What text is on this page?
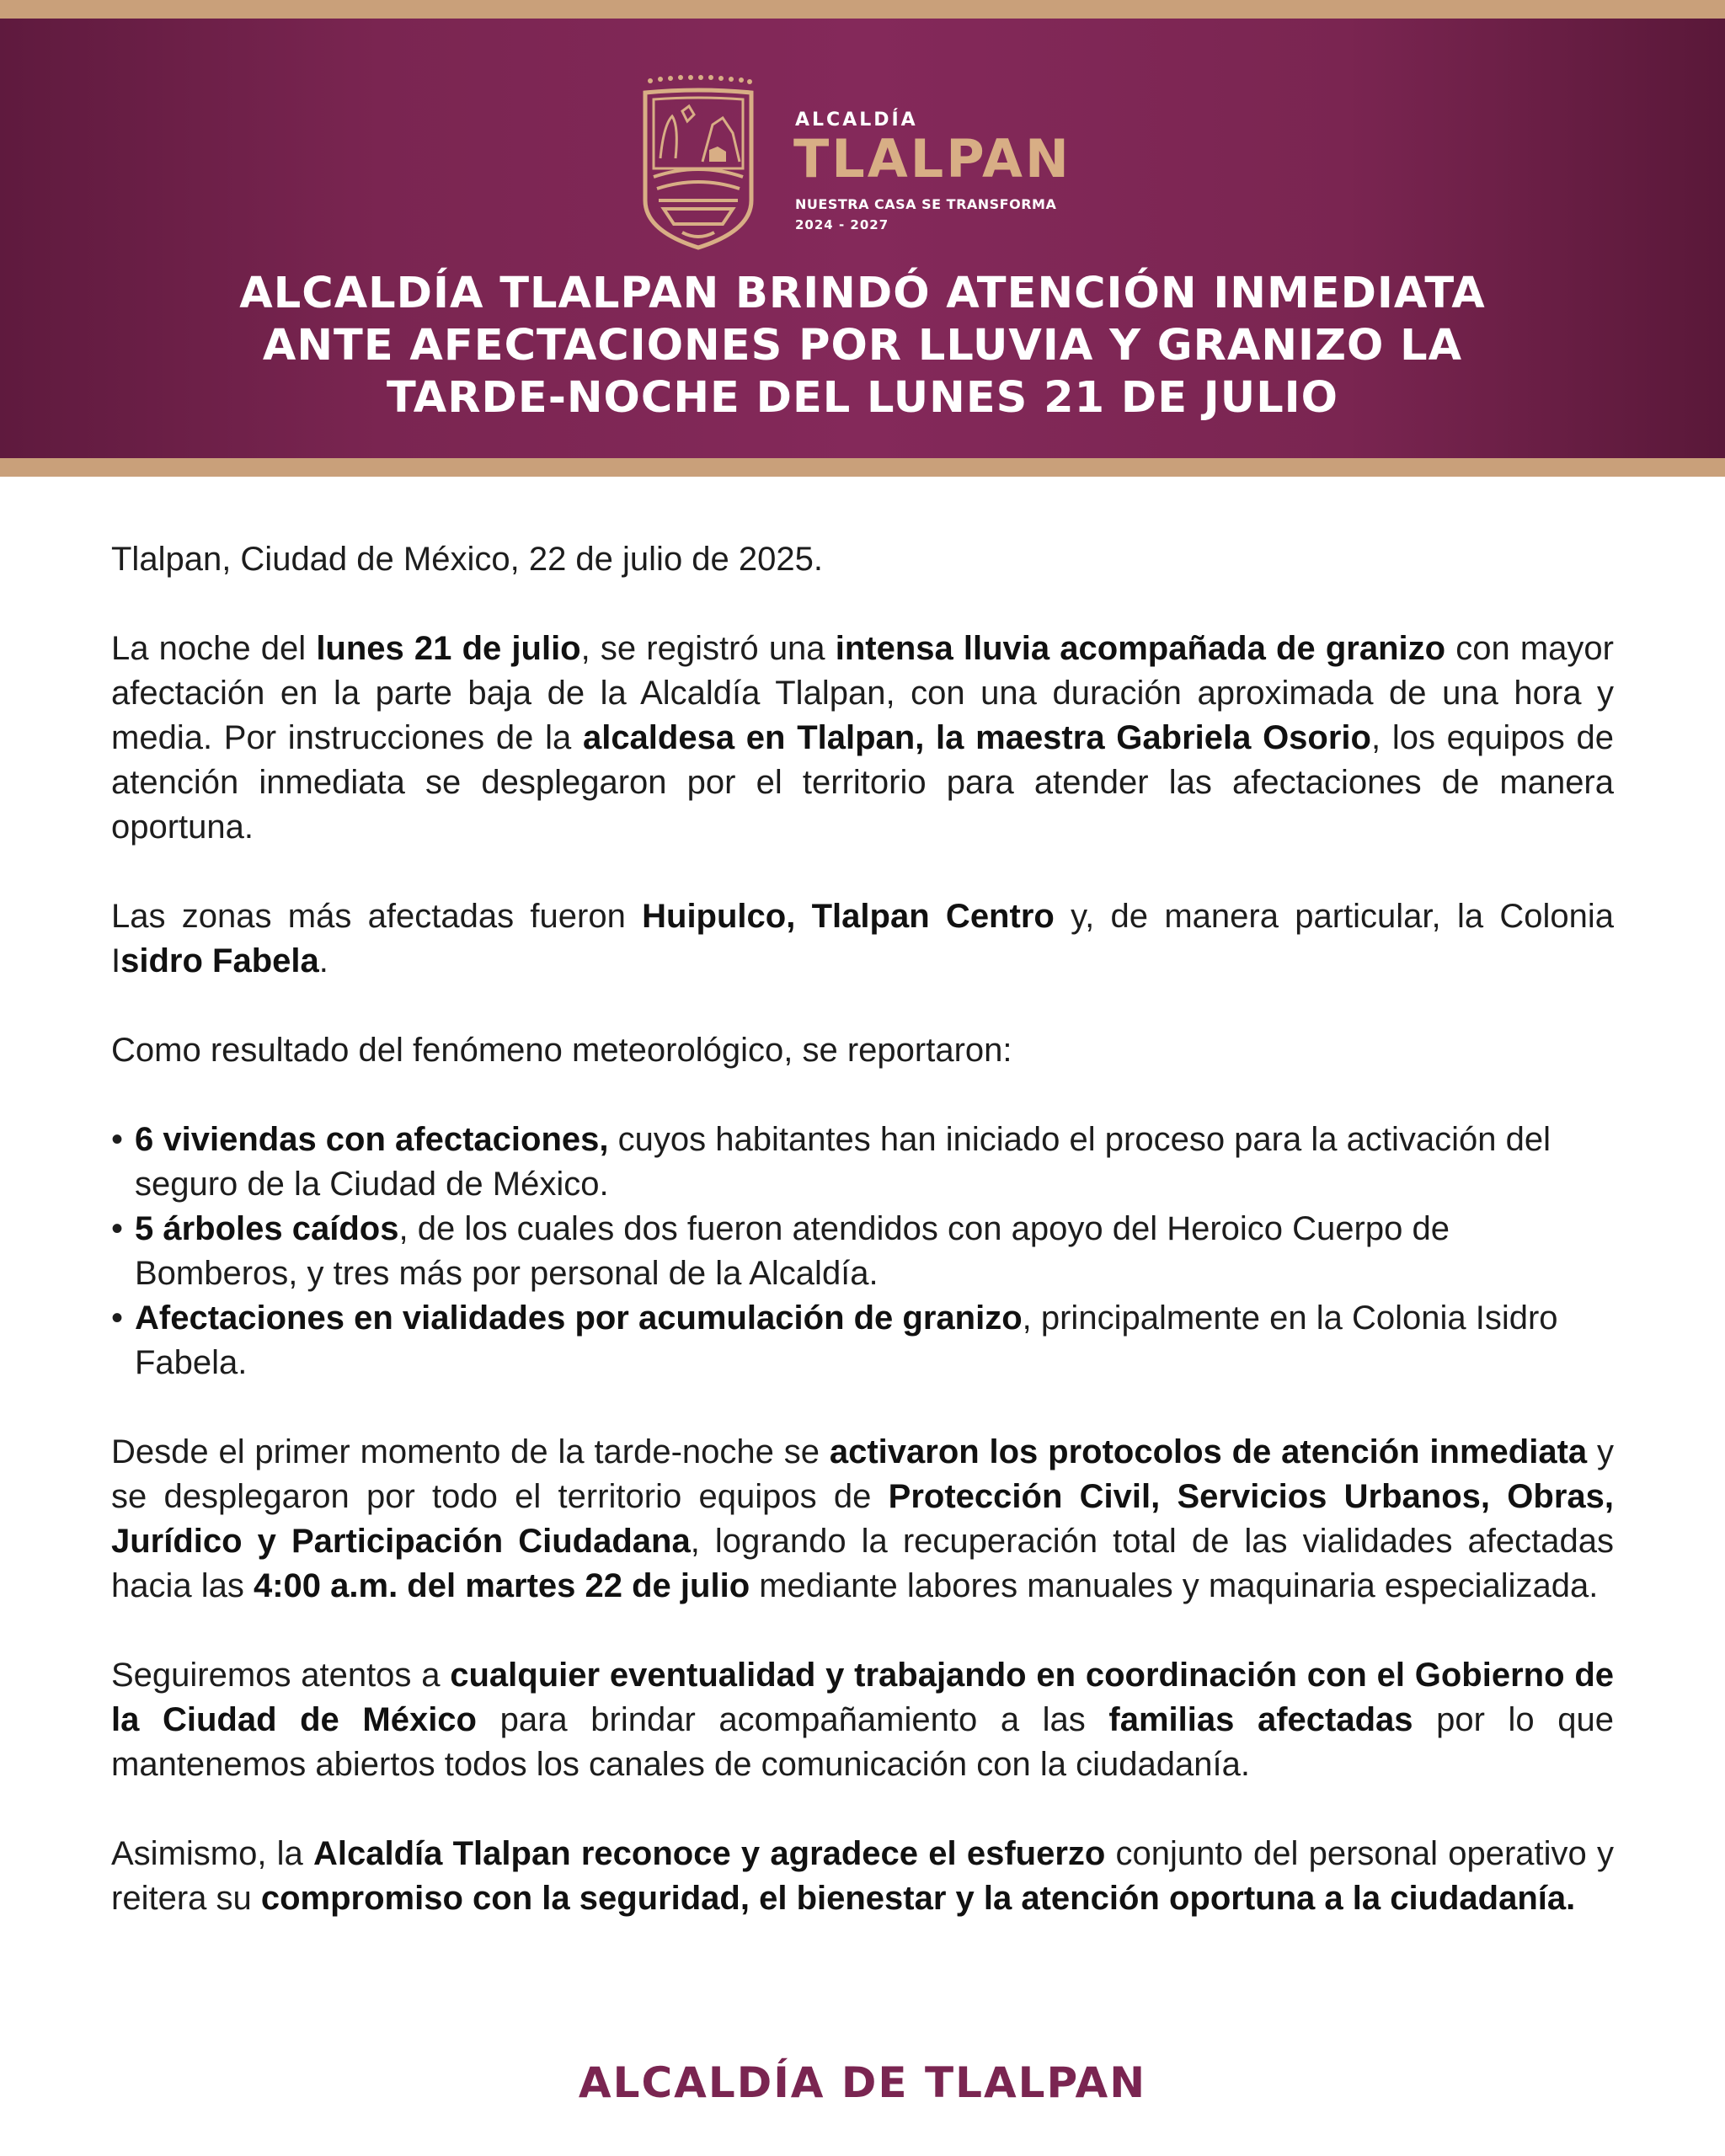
ALCALDÍA

TLALPAN

NUESTRA CASA SE TRANSFORMA

2024 - 2027

ALCALDÍA TLALPAN BRINDÓ ATENCIÓN INMEDIATA
ANTE AFECTACIONES POR LLUVIA Y GRANIZO LA
TARDE-NOCHE DEL LUNES 21 DE JULIO

Tlalpan, Ciudad de México, 22 de julio de 2025.

La noche del lunes 21 de julio, se registró una intensa lluvia acompañada de granizo con mayor afectación en la parte baja de la Alcaldía Tlalpan, con una duración aproximada de una hora y media. Por instrucciones de la alcaldesa en Tlalpan, la maestra Gabriela Osorio, los equipos de atención inmediata se desplegaron por el territorio para atender las afectaciones de manera oportuna.

Las zonas más afectadas fueron Huipulco, Tlalpan Centro y, de manera particular, la Colonia Isidro Fabela.

Como resultado del fenómeno meteorológico, se reportaron:

• 6 viviendas con afectaciones, cuyos habitantes han iniciado el proceso para la activación del seguro de la Ciudad de México.
• 5 árboles caídos, de los cuales dos fueron atendidos con apoyo del Heroico Cuerpo de Bomberos, y tres más por personal de la Alcaldía.
• Afectaciones en vialidades por acumulación de granizo, principalmente en la Colonia Isidro Fabela.

Desde el primer momento de la tarde-noche se activaron los protocolos de atención inmediata y se desplegaron por todo el territorio equipos de Protección Civil, Servicios Urbanos, Obras, Jurídico y Participación Ciudadana, logrando la recuperación total de las vialidades afectadas hacia las 4:00 a.m. del martes 22 de julio mediante labores manuales y maquinaria especializada.

Seguiremos atentos a cualquier eventualidad y trabajando en coordinación con el Gobierno de la Ciudad de México para brindar acompañamiento a las familias afectadas por lo que mantenemos abiertos todos los canales de comunicación con la ciudadanía.

Asimismo, la Alcaldía Tlalpan reconoce y agradece el esfuerzo conjunto del personal operativo y reitera su compromiso con la seguridad, el bienestar y la atención oportuna a la ciudadanía.

ALCALDÍA DE TLALPAN
